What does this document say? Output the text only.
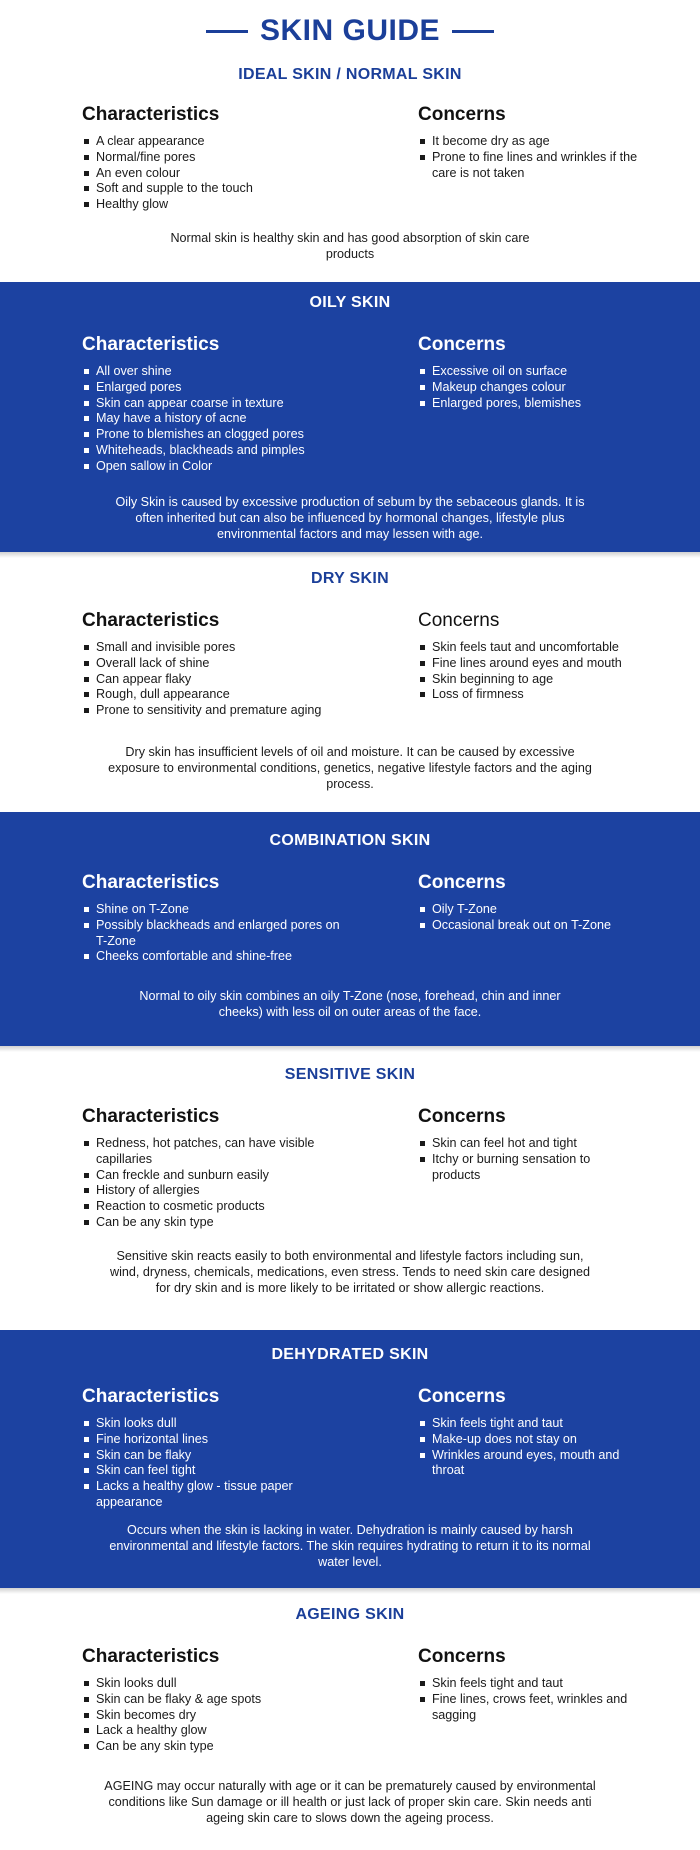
SKIN GUIDE
IDEAL SKIN / NORMAL SKIN
Characteristics
A clear appearance
Normal/fine pores
An even colour
Soft and supple to the touch
Healthy glow
Concerns
It become dry as age
Prone to fine lines and wrinkles if the care is not taken
Normal skin is healthy skin and has good absorption of skin care products
OILY SKIN
Characteristics
All over shine
Enlarged pores
Skin can appear coarse in texture
May have a history of acne
Prone to blemishes an clogged pores
Whiteheads, blackheads and pimples
Open sallow in Color
Concerns
Excessive oil on surface
Makeup changes colour
Enlarged pores, blemishes
Oily Skin is caused by excessive production of sebum by the sebaceous glands. It is often inherited but can also be influenced by hormonal changes, lifestyle plus environmental factors and may lessen with age.
DRY SKIN
Characteristics
Small and invisible pores
Overall lack of shine
Can appear flaky
Rough, dull appearance
Prone to sensitivity and premature aging
Concerns
Skin feels taut and uncomfortable
Fine lines around eyes and mouth
Skin beginning to age
Loss of firmness
Dry skin has insufficient levels of oil and moisture. It can be caused by excessive exposure to environmental conditions, genetics, negative lifestyle factors and the aging process.
COMBINATION SKIN
Characteristics
Shine on T-Zone
Possibly blackheads and enlarged pores on T-Zone
Cheeks comfortable and shine-free
Concerns
Oily T-Zone
Occasional break out on T-Zone
Normal to oily skin combines an oily T-Zone (nose, forehead, chin and inner cheeks) with less oil on outer areas of the face.
SENSITIVE SKIN
Characteristics
Redness, hot patches, can have visible capillaries
Can freckle and sunburn easily
History of allergies
Reaction to cosmetic products
Can be any skin type
Concerns
Skin can feel hot and tight
Itchy or burning sensation to products
Sensitive skin reacts easily to both environmental and lifestyle factors including sun, wind, dryness, chemicals, medications, even stress. Tends to need skin care designed for dry skin and is more likely to be irritated or show allergic reactions.
DEHYDRATED SKIN
Characteristics
Skin looks dull
Fine horizontal lines
Skin can be flaky
Skin can feel tight
Lacks a healthy glow - tissue paper appearance
Concerns
Skin feels tight and taut
Make-up does not stay on
Wrinkles around eyes, mouth and throat
Occurs when the skin is lacking in water. Dehydration is mainly caused by harsh environmental and lifestyle factors. The skin requires hydrating to return it to its normal water level.
AGEING SKIN
Characteristics
Skin looks dull
Skin can be flaky & age spots
Skin becomes dry
Lack a healthy glow
Can be any skin type
Concerns
Skin feels tight and taut
Fine lines, crows feet, wrinkles and sagging
AGEING may occur naturally with age or it can be prematurely caused by environmental conditions like Sun damage or ill health or just lack of proper skin care. Skin needs anti ageing skin care to slows down the ageing process.
